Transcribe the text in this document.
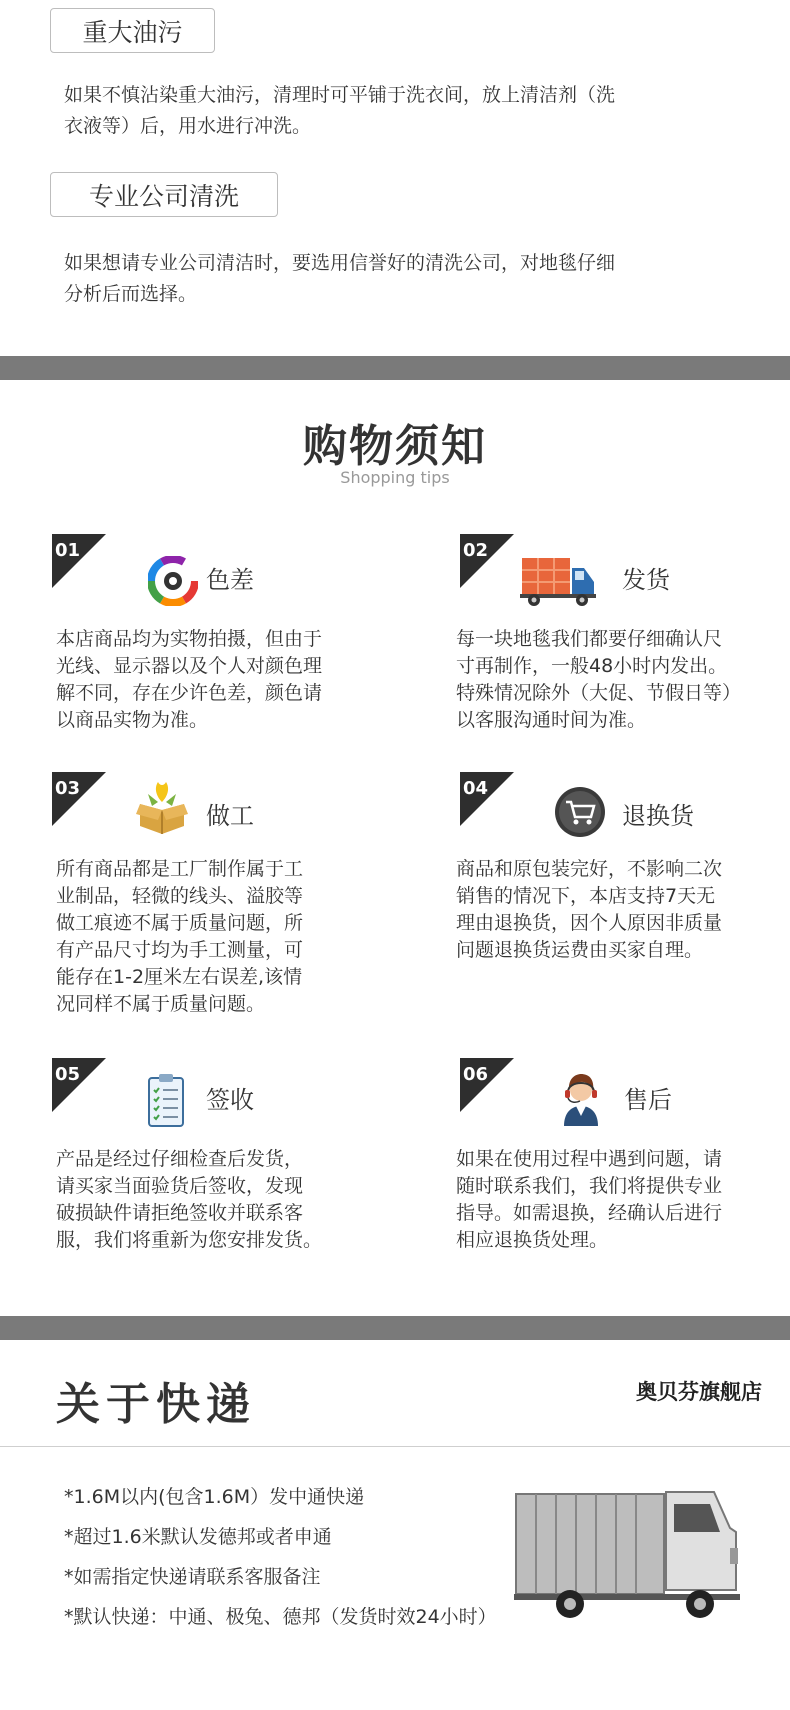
重大油污
如果不慎沾染重大油污，清理时可平铺于洗衣间，放上清洁剂（洗
衣液等）后，用水进行冲洗。
专业公司清洗
如果想请专业公司清洁时，要选用信誉好的清洗公司，对地毯仔细
分析后而选择。
购物须知
Shopping tips
01
色差
本店商品均为实物拍摄，但由于
光线、显示器以及个人对颜色理
解不同，存在少许色差，颜色请
以商品实物为准。
02
发货
每一块地毯我们都要仔细确认尺
寸再制作，一般48小时内发出。
特殊情况除外（大促、节假日等）
以客服沟通时间为准。
03
做工
所有商品都是工厂制作属于工
业制品，轻微的线头、溢胶等
做工痕迹不属于质量问题，所
有产品尺寸均为手工测量，可
能存在1-2厘米左右误差,该情
况同样不属于质量问题。
04
退换货
商品和原包装完好，不影响二次
销售的情况下，本店支持7天无
理由退换货，因个人原因非质量
问题退换货运费由买家自理。
05
签收
产品是经过仔细检查后发货，
请买家当面验货后签收，发现
破损缺件请拒绝签收并联系客
服，我们将重新为您安排发货。
06
售后
如果在使用过程中遇到问题，请
随时联系我们，我们将提供专业
指导。如需退换，经确认后进行
相应退换货处理。
关于快递	奥贝芬旗舰店
*1.6M以内(包含1.6M）发中通快递
*超过1.6米默认发德邦或者申通
*如需指定快递请联系客服备注
*默认快递：中通、极兔、德邦（发货时效24小时）
